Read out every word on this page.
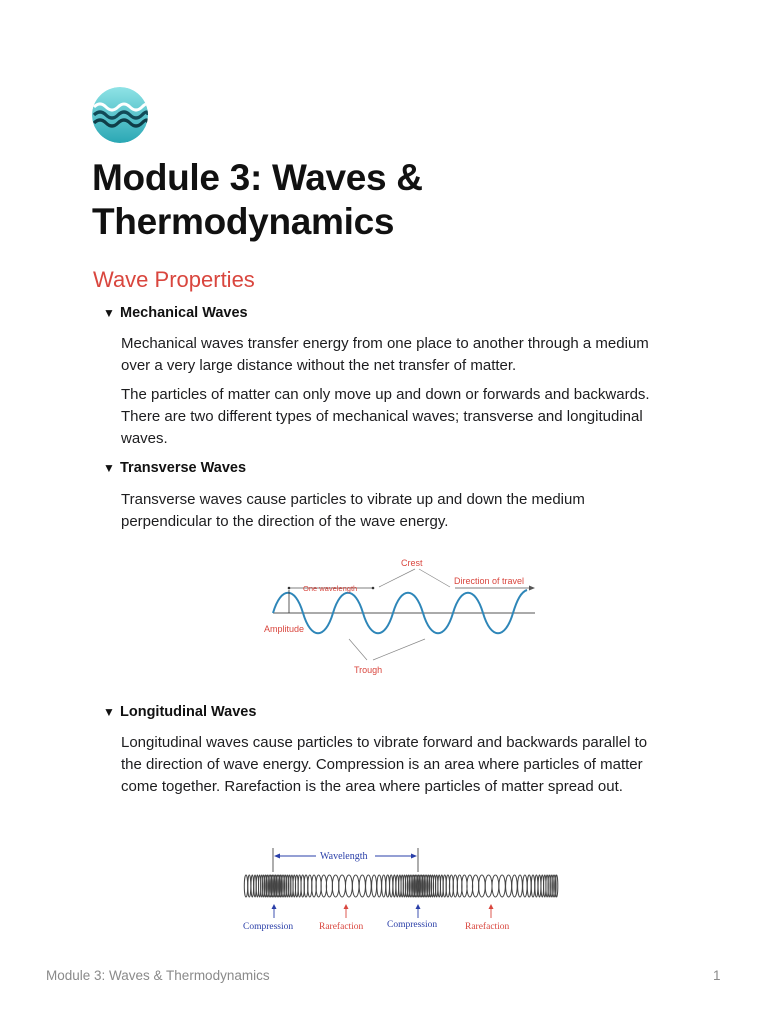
Module 3: Waves &
Thermodynamics
Wave Properties
▼ Mechanical Waves

Mechanical waves transfer energy from one place to another through a medium over a very large distance without the net transfer of matter.

The particles of matter can only move up and down or forwards and backwards. There are two different types of mechanical waves; transverse and longitudinal waves.

▼ Transverse Waves

Transverse waves cause particles to vibrate up and down the medium perpendicular to the direction of the wave energy.

One wavelength
Crest
Direction of travel
Amplitude
Trough
▼ Longitudinal Waves

Longitudinal waves cause particles to vibrate forward and backwards parallel to the direction of wave energy. Compression is an area where particles of matter come together. Rarefaction is the area where particles of matter spread out.

Wavelength
Compression	Rarefaction Compression	Rarefaction
Module 3: Waves & Thermodynamics	1
